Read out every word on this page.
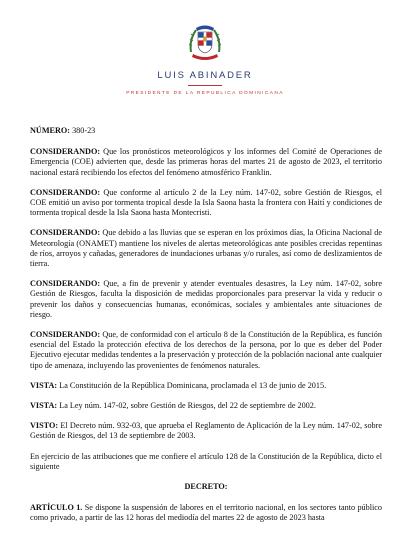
LUIS ABINADER
PRESIDENTE DE LA REPUBLICA DOMINICANA

NÚMERO: 380-23

CONSIDERANDO: Que los pronósticos meteorológicos y los informes del Comité de Operaciones de Emergencia (COE) advierten que, desde las primeras horas del martes 21 de agosto de 2023, el territorio nacional estará recibiendo los efectos del fenómeno atmosférico Franklin.

CONSIDERANDO: Que conforme al artículo 2 de la Ley núm. 147-02, sobre Gestión de Riesgos, el COE emitió un aviso por tormenta tropical desde la Isla Saona hasta la frontera con Haití y condiciones de tormenta tropical desde la Isla Saona hasta Montecristi.

CONSIDERANDO: Que debido a las lluvias que se esperan en los próximos días, la Oficina Nacional de Meteorología (ONAMET) mantiene los niveles de alertas meteorológicas ante posibles crecidas repentinas de ríos, arroyos y cañadas, generadores de inundaciones urbanas y/o rurales, así como de deslizamientos de tierra.

CONSIDERANDO: Que, a fin de prevenir y atender eventuales desastres, la Ley núm. 147-02, sobre Gestión de Riesgos, faculta la disposición de medidas proporcionales para preservar la vida y reducir o prevenir los daños y consecuencias humanas, económicas, sociales y ambientales ante situaciones de riesgo.

CONSIDERANDO: Que, de conformidad con el artículo 8 de la Constitución de la República, es función esencial del Estado la protección efectiva de los derechos de la persona, por lo que es deber del Poder Ejecutivo ejecutar medidas tendentes a la preservación y protección de la población nacional ante cualquier tipo de amenaza, incluyendo las provenientes de fenómenos naturales.

VISTA: La Constitución de la República Dominicana, proclamada el 13 de junio de 2015.

VISTA: La Ley núm. 147-02, sobre Gestión de Riesgos, del 22 de septiembre de 2002.

VISTO: El Decreto núm. 932-03, que aprueba el Reglamento de Aplicación de la Ley núm. 147-02, sobre Gestión de Riesgos, del 13 de septiembre de 2003.

En ejercicio de las atribuciones que me confiere el artículo 128 de la Constitución de la República, dicto el siguiente

DECRETO:

ARTÍCULO 1. Se dispone la suspensión de labores en el territorio nacional, en los sectores tanto público como privado, a partir de las 12 horas del mediodía del martes 22 de agosto de 2023 hasta
